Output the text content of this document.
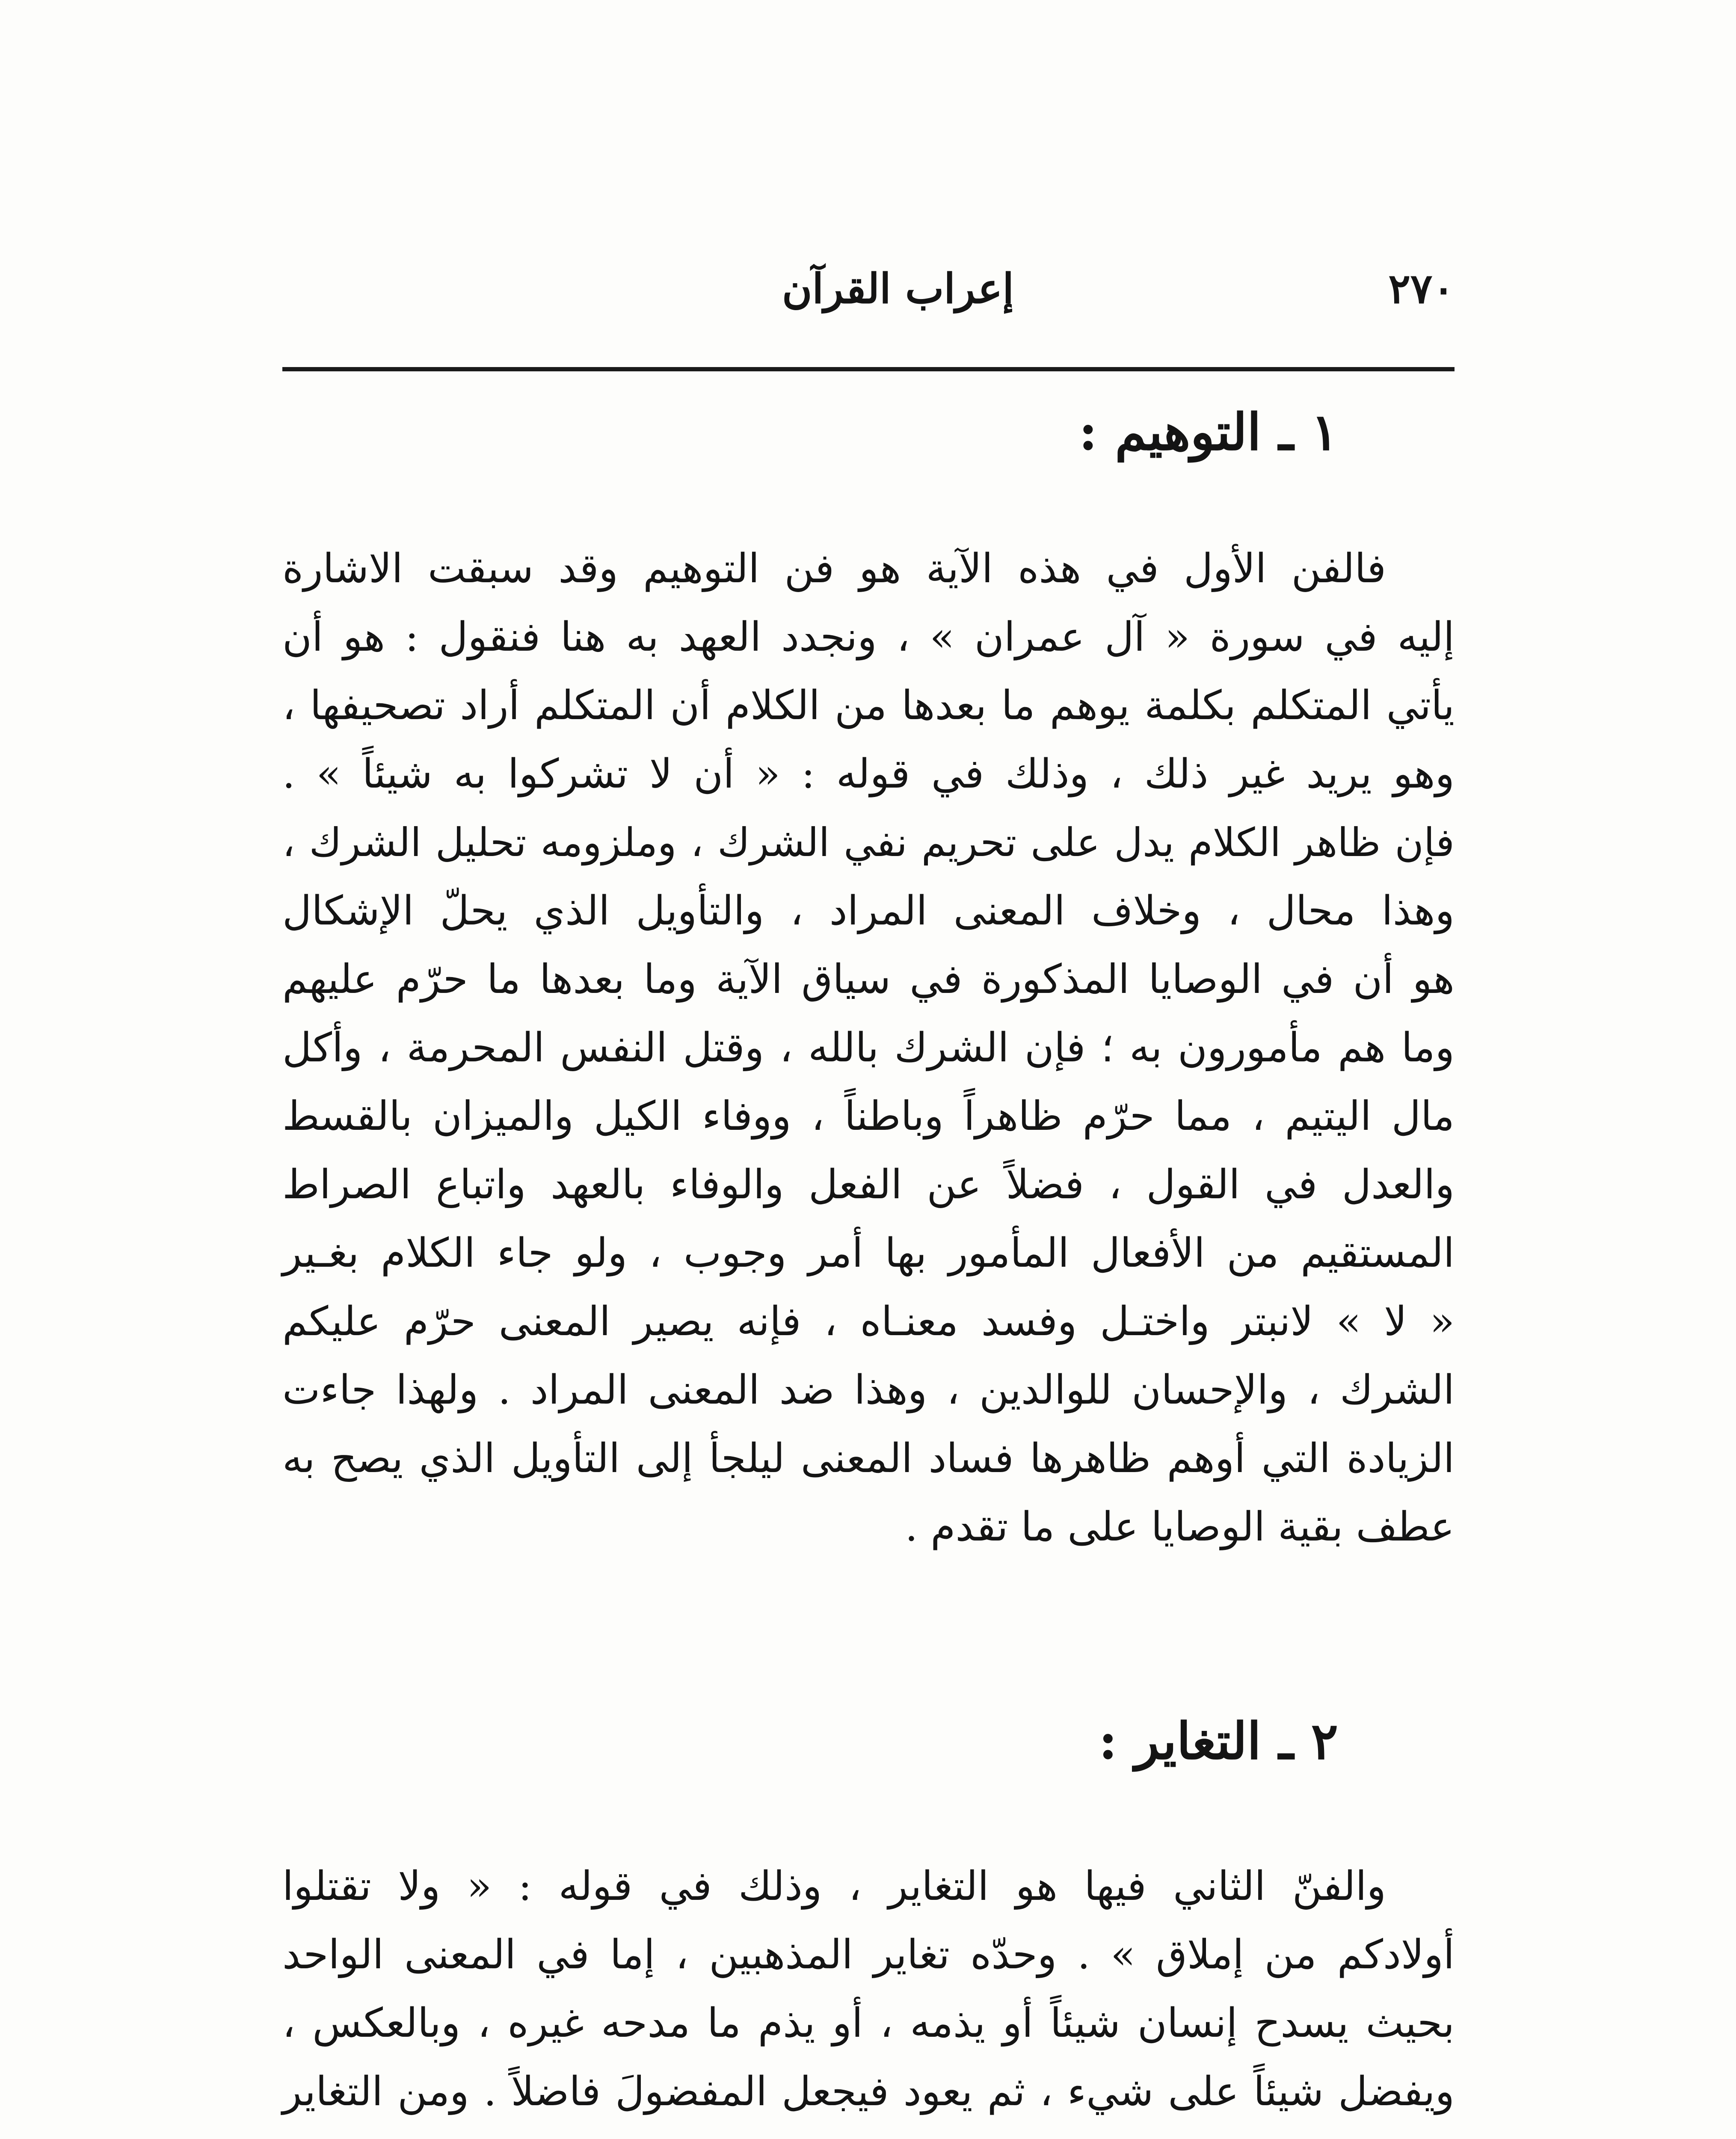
٢٧٠
إعراب القرآن
١ ـ التوهيم :
فالفن الأول في هذه الآية هو فن التوهيم وقد سبقت الاشارة
إليه في سورة « آل عمران » ، ونجدد العهد به هنا فنقول : هو أن
يأتي المتكلم بكلمة يوهم ما بعدها من الكلام أن المتكلم أراد تصحيفها ،
وهو يريد غير ذلك ، وذلك في قوله : « أن لا تشركوا به شيئاً » .
فإن ظاهر الكلام يدل على تحريم نفي الشرك ، وملزومه تحليل الشرك ،
وهذا محال ، وخلاف المعنى المراد ، والتأويل الذي يحلّ الإشكال
هو أن في الوصايا المذكورة في سياق الآية وما بعدها ما حرّم عليهم
وما هم مأمورون به ؛ فإن الشرك بالله ، وقتل النفس المحرمة ، وأكل
مال اليتيم ، مما حرّم ظاهراً وباطناً ، ووفاء الكيل والميزان بالقسط
والعدل في القول ، فضلاً عن الفعل والوفاء بالعهد واتباع الصراط
المستقيم من الأفعال المأمور بها أمر وجوب ، ولو جاء الكلام بغـير
« لا » لانبتر واختـل وفسد معنـاه ، فإنه يصير المعنى حرّم عليكم
الشرك ، والإحسان للوالدين ، وهذا ضد المعنى المراد . ولهذا جاءت
الزيادة التي أوهم ظاهرها فساد المعنى ليلجأ إلى التأويل الذي يصح به
عطف بقية الوصايا على ما تقدم .
٢ ـ التغاير :
والفنّ الثاني فيها هو التغاير ، وذلك في قوله : « ولا تقتلوا
أولادكم من إملاق » . وحدّه تغاير المذهبين ، إما في المعنى الواحد
بحيث يسدح إنسان شيئاً أو يذمه ، أو يذم ما مدحه غيره ، وبالعكس ،
ويفضل شيئاً على شيء ، ثم يعود فيجعل المفضولَ فاضلاً . ومن التغاير
